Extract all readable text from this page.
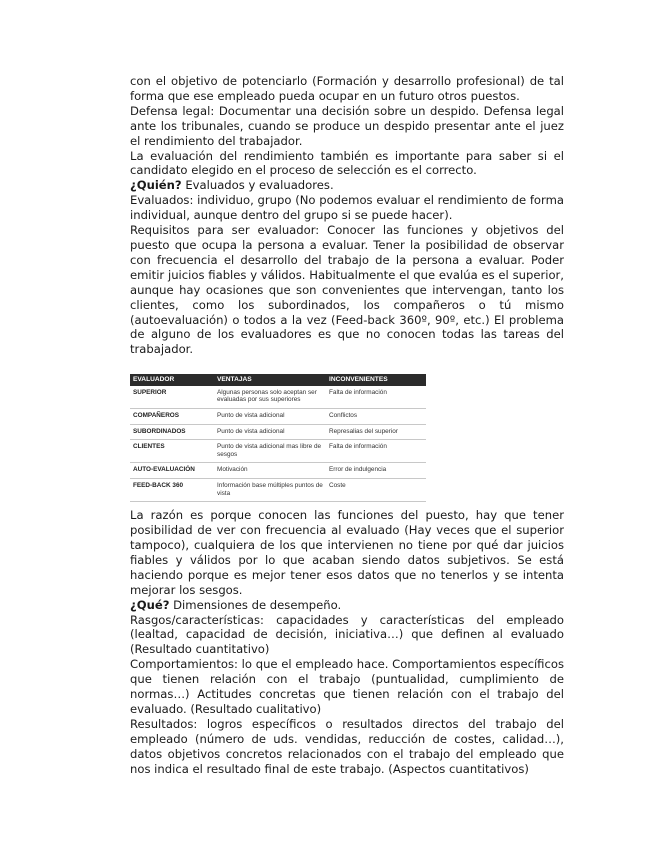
con el objetivo de potenciarlo (Formación y desarrollo profesional) de tal forma que ese empleado pueda ocupar en un futuro otros puestos.

Defensa legal: Documentar una decisión sobre un despido. Defensa legal ante los tribunales, cuando se produce un despido presentar ante el juez el rendimiento del trabajador.

La evaluación del rendimiento también es importante para saber si el candidato elegido en el proceso de selección es el correcto.

¿Quién? Evaluados y evaluadores.

Evaluados: individuo, grupo (No podemos evaluar el rendimiento de forma individual, aunque dentro del grupo si se puede hacer).

Requisitos para ser evaluador: Conocer las funciones y objetivos del puesto que ocupa la persona a evaluar. Tener la posibilidad de observar con frecuencia el desarrollo del trabajo de la persona a evaluar. Poder emitir juicios fiables y válidos. Habitualmente el que evalúa es el superior, aunque hay ocasiones que son convenientes que intervengan, tanto los clientes, como los subordinados, los compañeros o tú mismo (autoevaluación) o todos a la vez (Feed-back 360º, 90º, etc.) El problema de alguno de los evaluadores es que no conocen todas las tareas del trabajador.

EVALUADOR	VENTAJAS	INCONVENIENTES
SUPERIOR	Algunas personas solo aceptan ser evaluadas por sus superiores	Falta de información
COMPAÑEROS	Punto de vista adicional	Conflictos
SUBORDINADOS	Punto de vista adicional	Represalias del superior
CLIENTES	Punto de vista adicional mas libre de sesgos	Falta de información
AUTO-EVALUACIÓN	Motivación	Error de indulgencia
FEED-BACK 360	Información base múltiples puntos de vista	Coste

La razón es porque conocen las funciones del puesto, hay que tener posibilidad de ver con frecuencia al evaluado (Hay veces que el superior tampoco), cualquiera de los que intervienen no tiene por qué dar juicios fiables y válidos por lo que acaban siendo datos subjetivos. Se está haciendo porque es mejor tener esos datos que no tenerlos y se intenta mejorar los sesgos.

¿Qué? Dimensiones de desempeño.

Rasgos/características: capacidades y características del empleado (lealtad, capacidad de decisión, iniciativa…) que definen al evaluado (Resultado cuantitativo)

Comportamientos: lo que el empleado hace. Comportamientos específicos que tienen relación con el trabajo (puntualidad, cumplimiento de normas…) Actitudes concretas que tienen relación con el trabajo del evaluado. (Resultado cualitativo)

Resultados: logros específicos o resultados directos del trabajo del empleado (número de uds. vendidas, reducción de costes, calidad…), datos objetivos concretos relacionados con el trabajo del empleado que nos indica el resultado final de este trabajo. (Aspectos cuantitativos)
